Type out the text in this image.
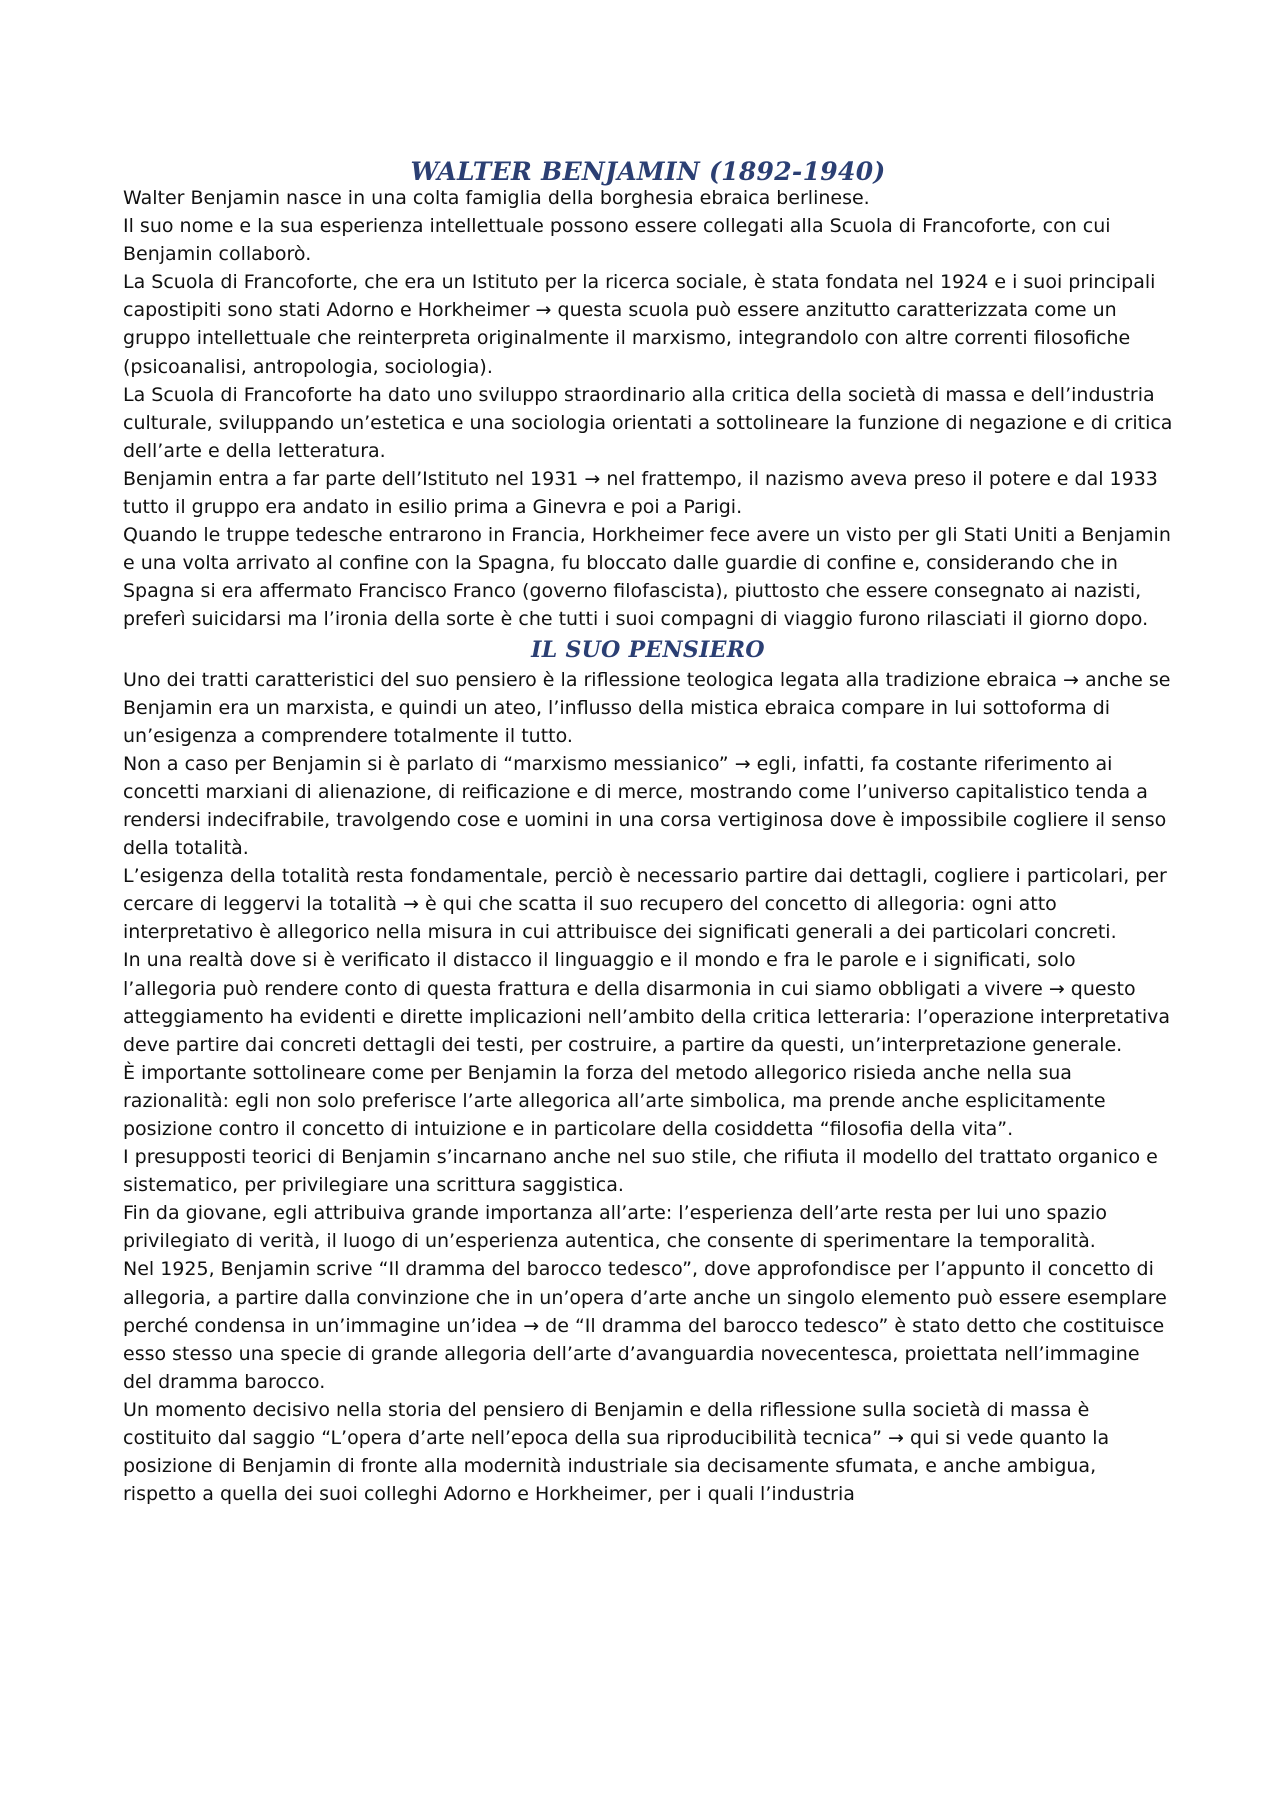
WALTER BENJAMIN (1892-1940)

Walter Benjamin nasce in una colta famiglia della borghesia ebraica berlinese.

Il suo nome e la sua esperienza intellettuale possono essere collegati alla Scuola di Francoforte, con cui Benjamin collaborò.

La Scuola di Francoforte, che era un Istituto per la ricerca sociale, è stata fondata nel 1924 e i suoi principali capostipiti sono stati Adorno e Horkheimer → questa scuola può essere anzitutto caratterizzata come un gruppo intellettuale che reinterpreta originalmente il marxismo, integrandolo con altre correnti filosofiche (psicoanalisi, antropologia, sociologia).

La Scuola di Francoforte ha dato uno sviluppo straordinario alla critica della società di massa e dell’industria culturale, sviluppando un’estetica e una sociologia orientati a sottolineare la funzione di negazione e di critica dell’arte e della letteratura.

Benjamin entra a far parte dell’Istituto nel 1931 → nel frattempo, il nazismo aveva preso il potere e dal 1933 tutto il gruppo era andato in esilio prima a Ginevra e poi a Parigi.

Quando le truppe tedesche entrarono in Francia, Horkheimer fece avere un visto per gli Stati Uniti a Benjamin e una volta arrivato al confine con la Spagna, fu bloccato dalle guardie di confine e, considerando che in Spagna si era affermato Francisco Franco (governo filofascista), piuttosto che essere consegnato ai nazisti, preferì suicidarsi ma l’ironia della sorte è che tutti i suoi compagni di viaggio furono rilasciati il giorno dopo.

IL SUO PENSIERO

Uno dei tratti caratteristici del suo pensiero è la riflessione teologica legata alla tradizione ebraica → anche se Benjamin era un marxista, e quindi un ateo, l’influsso della mistica ebraica compare in lui sottoforma di un’esigenza a comprendere totalmente il tutto.

Non a caso per Benjamin si è parlato di “marxismo messianico” → egli, infatti, fa costante riferimento ai concetti marxiani di alienazione, di reificazione e di merce, mostrando come l’universo capitalistico tenda a rendersi indecifrabile, travolgendo cose e uomini in una corsa vertiginosa dove è impossibile cogliere il senso della totalità.

L’esigenza della totalità resta fondamentale, perciò è necessario partire dai dettagli, cogliere i particolari, per cercare di leggervi la totalità → è qui che scatta il suo recupero del concetto di allegoria: ogni atto interpretativo è allegorico nella misura in cui attribuisce dei significati generali a dei particolari concreti.

In una realtà dove si è verificato il distacco il linguaggio e il mondo e fra le parole e i significati, solo l’allegoria può rendere conto di questa frattura e della disarmonia in cui siamo obbligati a vivere → questo atteggiamento ha evidenti e dirette implicazioni nell’ambito della critica letteraria: l’operazione interpretativa deve partire dai concreti dettagli dei testi, per costruire, a partire da questi, un’interpretazione generale.

È importante sottolineare come per Benjamin la forza del metodo allegorico risieda anche nella sua razionalità: egli non solo preferisce l’arte allegorica all’arte simbolica, ma prende anche esplicitamente posizione contro il concetto di intuizione e in particolare della cosiddetta “filosofia della vita”.

I presupposti teorici di Benjamin s’incarnano anche nel suo stile, che rifiuta il modello del trattato organico e sistematico, per privilegiare una scrittura saggistica.

Fin da giovane, egli attribuiva grande importanza all’arte: l’esperienza dell’arte resta per lui uno spazio privilegiato di verità, il luogo di un’esperienza autentica, che consente di sperimentare la temporalità.

Nel 1925, Benjamin scrive “Il dramma del barocco tedesco”, dove approfondisce per l’appunto il concetto di allegoria, a partire dalla convinzione che in un’opera d’arte anche un singolo elemento può essere esemplare perché condensa in un’immagine un’idea → de “Il dramma del barocco tedesco” è stato detto che costituisce esso stesso una specie di grande allegoria dell’arte d’avanguardia novecentesca, proiettata nell’immagine del dramma barocco.

Un momento decisivo nella storia del pensiero di Benjamin e della riflessione sulla società di massa è costituito dal saggio “L’opera d’arte nell’epoca della sua riproducibilità tecnica” → qui si vede quanto la posizione di Benjamin di fronte alla modernità industriale sia decisamente sfumata, e anche ambigua, rispetto a quella dei suoi colleghi Adorno e Horkheimer, per i quali l’industria
